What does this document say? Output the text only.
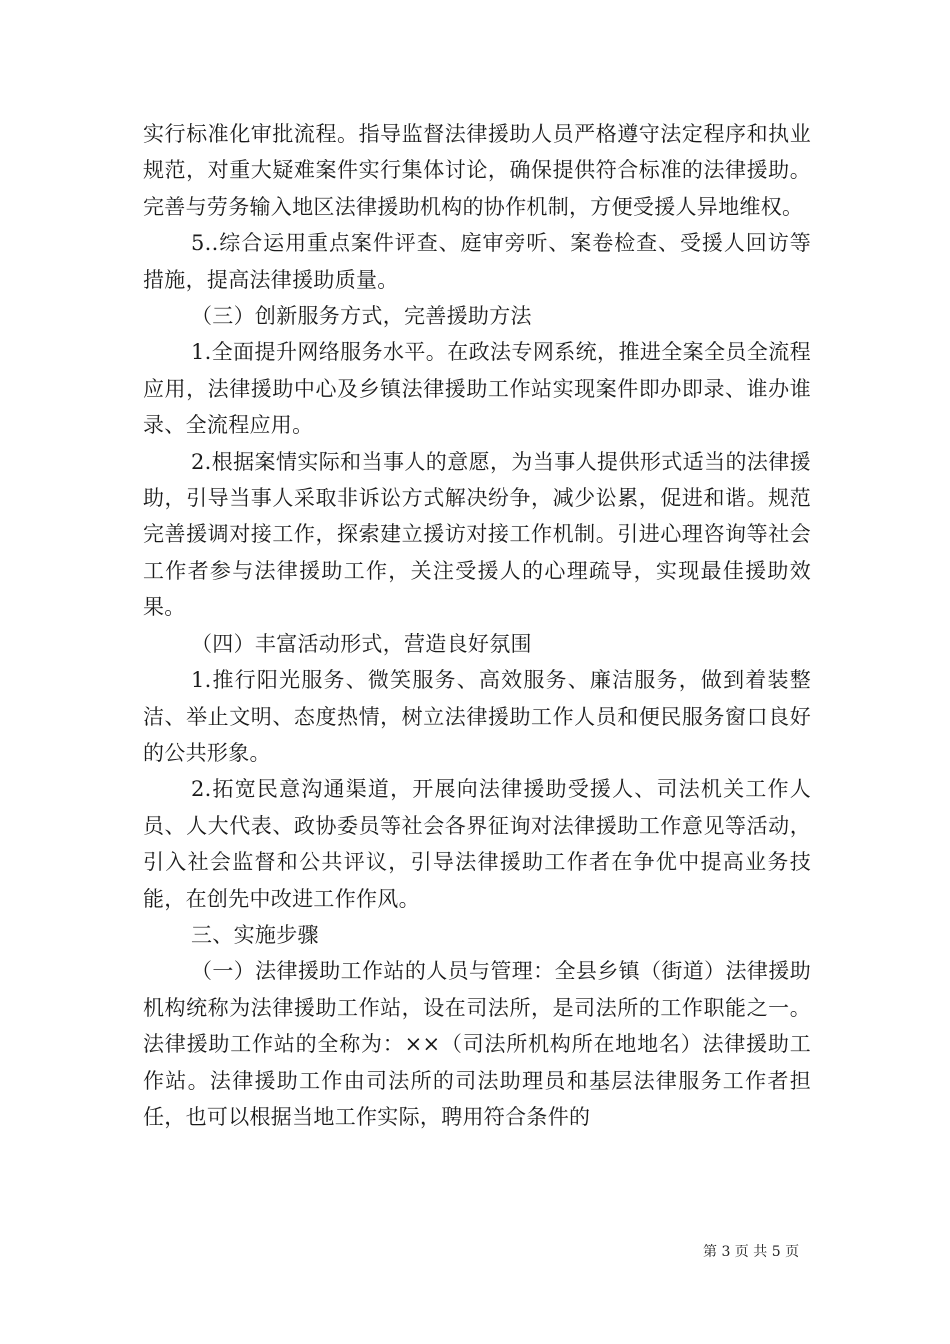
实行标准化审批流程。指导监督法律援助人员严格遵守法定程序和执业规范，对重大疑难案件实行集体讨论，确保提供符合标准的法律援助。完善与劳务输入地区法律援助机构的协作机制，方便受援人异地维权。

5..综合运用重点案件评查、庭审旁听、案卷检查、受援人回访等措施，提高法律援助质量。

（三）创新服务方式，完善援助方法

1.全面提升网络服务水平。在政法专网系统，推进全案全员全流程应用，法律援助中心及乡镇法律援助工作站实现案件即办即录、谁办谁录、全流程应用。

2.根据案情实际和当事人的意愿，为当事人提供形式适当的法律援助，引导当事人采取非诉讼方式解决纷争，减少讼累，促进和谐。规范完善援调对接工作，探索建立援访对接工作机制。引进心理咨询等社会工作者参与法律援助工作，关注受援人的心理疏导，实现最佳援助效果。

（四）丰富活动形式，营造良好氛围

1.推行阳光服务、微笑服务、高效服务、廉洁服务，做到着装整洁、举止文明、态度热情，树立法律援助工作人员和便民服务窗口良好的公共形象。

2.拓宽民意沟通渠道，开展向法律援助受援人、司法机关工作人员、人大代表、政协委员等社会各界征询对法律援助工作意见等活动，引入社会监督和公共评议，引导法律援助工作者在争优中提高业务技能，在创先中改进工作作风。

三、实施步骤

（一）法律援助工作站的人员与管理：全县乡镇（街道）法律援助机构统称为法律援助工作站，设在司法所，是司法所的工作职能之一。法律援助工作站的全称为：××（司法所机构所在地地名）法律援助工作站。法律援助工作由司法所的司法助理员和基层法律服务工作者担任，也可以根据当地工作实际，聘用符合条件的

第 3 页 共 5 页
